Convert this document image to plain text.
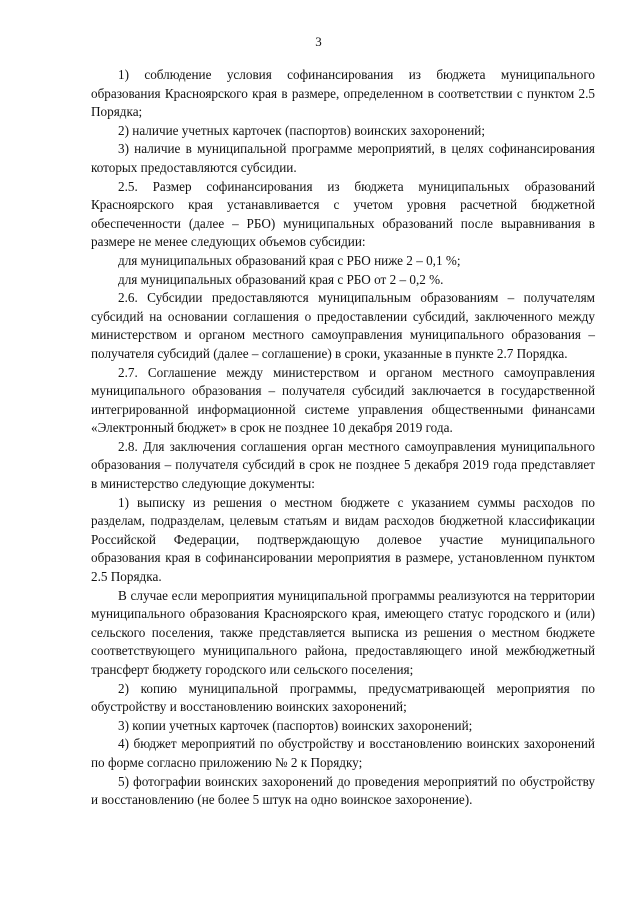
3

1) соблюдение условия софинансирования из бюджета муниципального образования Красноярского края в размере, определенном в соответствии с пунктом 2.5 Порядка;

2) наличие учетных карточек (паспортов) воинских захоронений;

3) наличие в муниципальной программе мероприятий, в целях софинансирования которых предоставляются субсидии.

2.5. Размер софинансирования из бюджета муниципальных образований Красноярского края устанавливается с учетом уровня расчетной бюджетной обеспеченности (далее – РБО) муниципальных образований после выравнивания в размере не менее следующих объемов субсидии:

для муниципальных образований края с РБО ниже 2 – 0,1 %;

для муниципальных образований края с РБО от 2 – 0,2 %.

2.6. Субсидии предоставляются муниципальным образованиям – получателям субсидий на основании соглашения о предоставлении субсидий, заключенного между министерством и органом местного самоуправления муниципального образования – получателя субсидий (далее – соглашение) в сроки, указанные в пункте 2.7 Порядка.

2.7. Соглашение между министерством и органом местного самоуправления муниципального образования – получателя субсидий заключается в государственной интегрированной информационной системе управления общественными финансами «Электронный бюджет» в срок не позднее 10 декабря 2019 года.

2.8. Для заключения соглашения орган местного самоуправления муниципального образования – получателя субсидий в срок не позднее 5 декабря 2019 года представляет в министерство следующие документы:

1) выписку из решения о местном бюджете с указанием суммы расходов по разделам, подразделам, целевым статьям и видам расходов бюджетной классификации Российской Федерации, подтверждающую долевое участие муниципального образования края в софинансировании мероприятия в размере, установленном пунктом 2.5 Порядка.

В случае если мероприятия муниципальной программы реализуются на территории муниципального образования Красноярского края, имеющего статус городского и (или) сельского поселения, также представляется выписка из решения о местном бюджете соответствующего муниципального района, предоставляющего иной межбюджетный трансферт бюджету городского или сельского поселения;

2) копию муниципальной программы, предусматривающей мероприятия по обустройству и восстановлению воинских захоронений;

3) копии учетных карточек (паспортов) воинских захоронений;

4) бюджет мероприятий по обустройству и восстановлению воинских захоронений по форме согласно приложению № 2 к Порядку;

5) фотографии воинских захоронений до проведения мероприятий по обустройству и восстановлению (не более 5 штук на одно воинское захоронение).
